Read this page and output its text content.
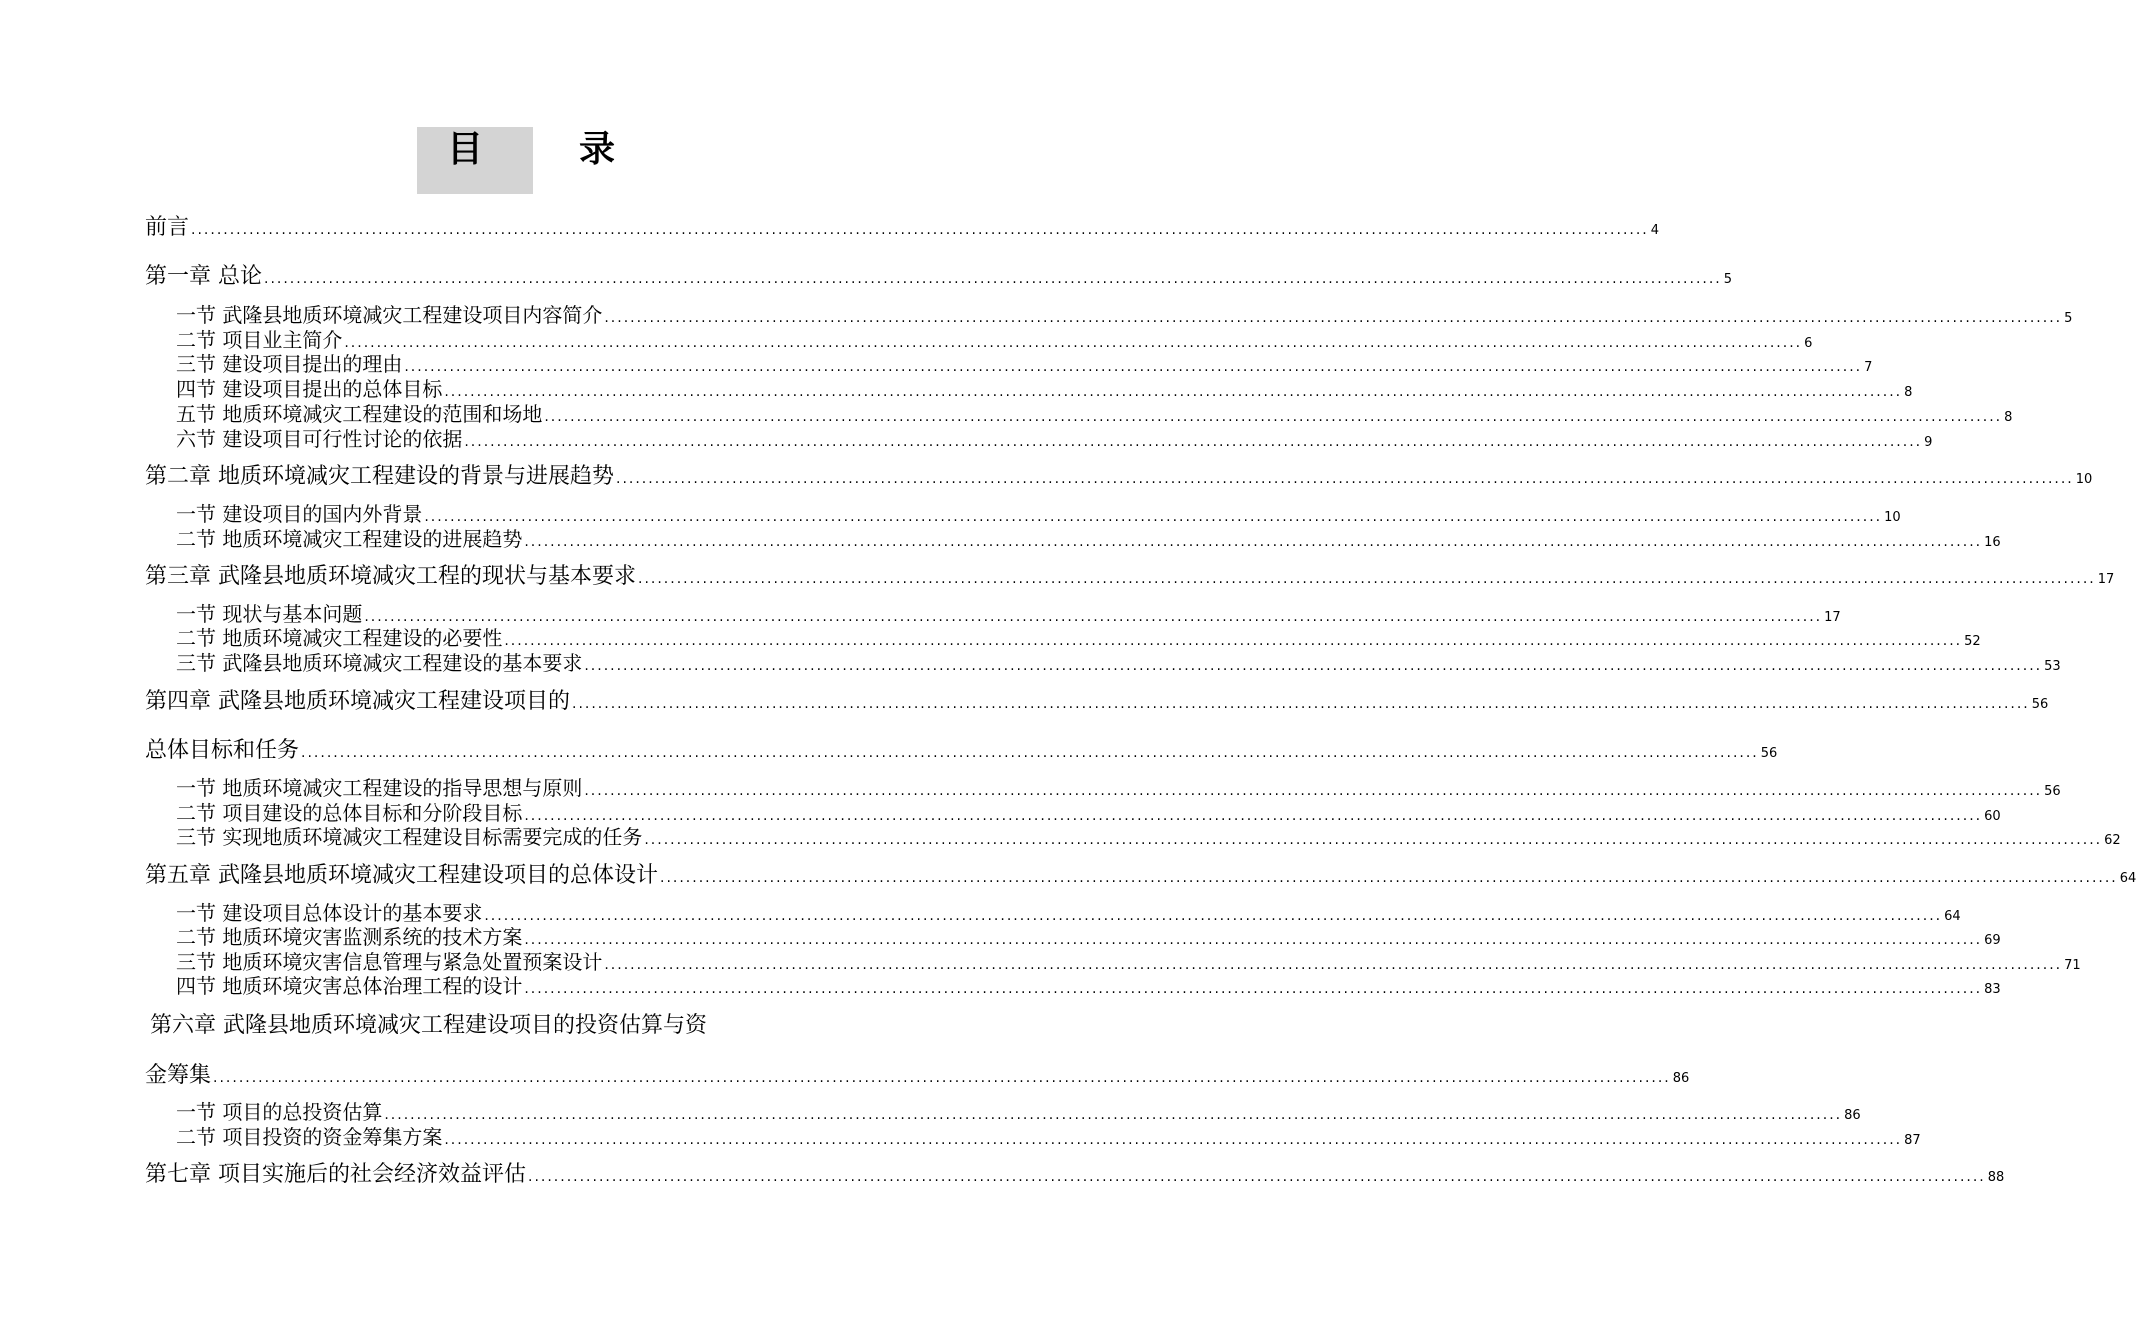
目　录
前言 .....	4
第一章 总论 .....	5
一节 武隆县地质环境减灾工程建设项目内容简介 .....	5
二节 项目业主简介 .....	6
三节 建设项目提出的理由 .....	7
四节 建设项目提出的总体目标 .....	8
五节 地质环境减灾工程建设的范围和场地 .....	8
六节 建设项目可行性讨论的依据 .....	9
第二章 地质环境减灾工程建设的背景与进展趋势 .....	10
一节 建设项目的国内外背景 .....	10
二节 地质环境减灾工程建设的进展趋势 .....	16
第三章 武隆县地质环境减灾工程的现状与基本要求 .....	17
一节 现状与基本问题 .....	17
二节 地质环境减灾工程建设的必要性 .....	52
三节 武隆县地质环境减灾工程建设的基本要求 .....	53
第四章 武隆县地质环境减灾工程建设项目的 .....	56
总体目标和任务 .....	56
一节 地质环境减灾工程建设的指导思想与原则 .....	56
二节 项目建设的总体目标和分阶段目标 .....	60
三节 实现地质环境减灾工程建设目标需要完成的任务 .....	62
第五章 武隆县地质环境减灾工程建设项目的总体设计 .....	64
一节 建设项目总体设计的基本要求 .....	64
二节 地质环境灾害监测系统的技术方案 .....	69
三节 地质环境灾害信息管理与紧急处置预案设计 .....	71
四节 地质环境灾害总体治理工程的设计 .....	83
第六章 武隆县地质环境减灾工程建设项目的投资估算与资
金筹集 .....	86
一节 项目的总投资估算 .....	86
二节 项目投资的资金筹集方案 .....	87
第七章 项目实施后的社会经济效益评估 .....	88
